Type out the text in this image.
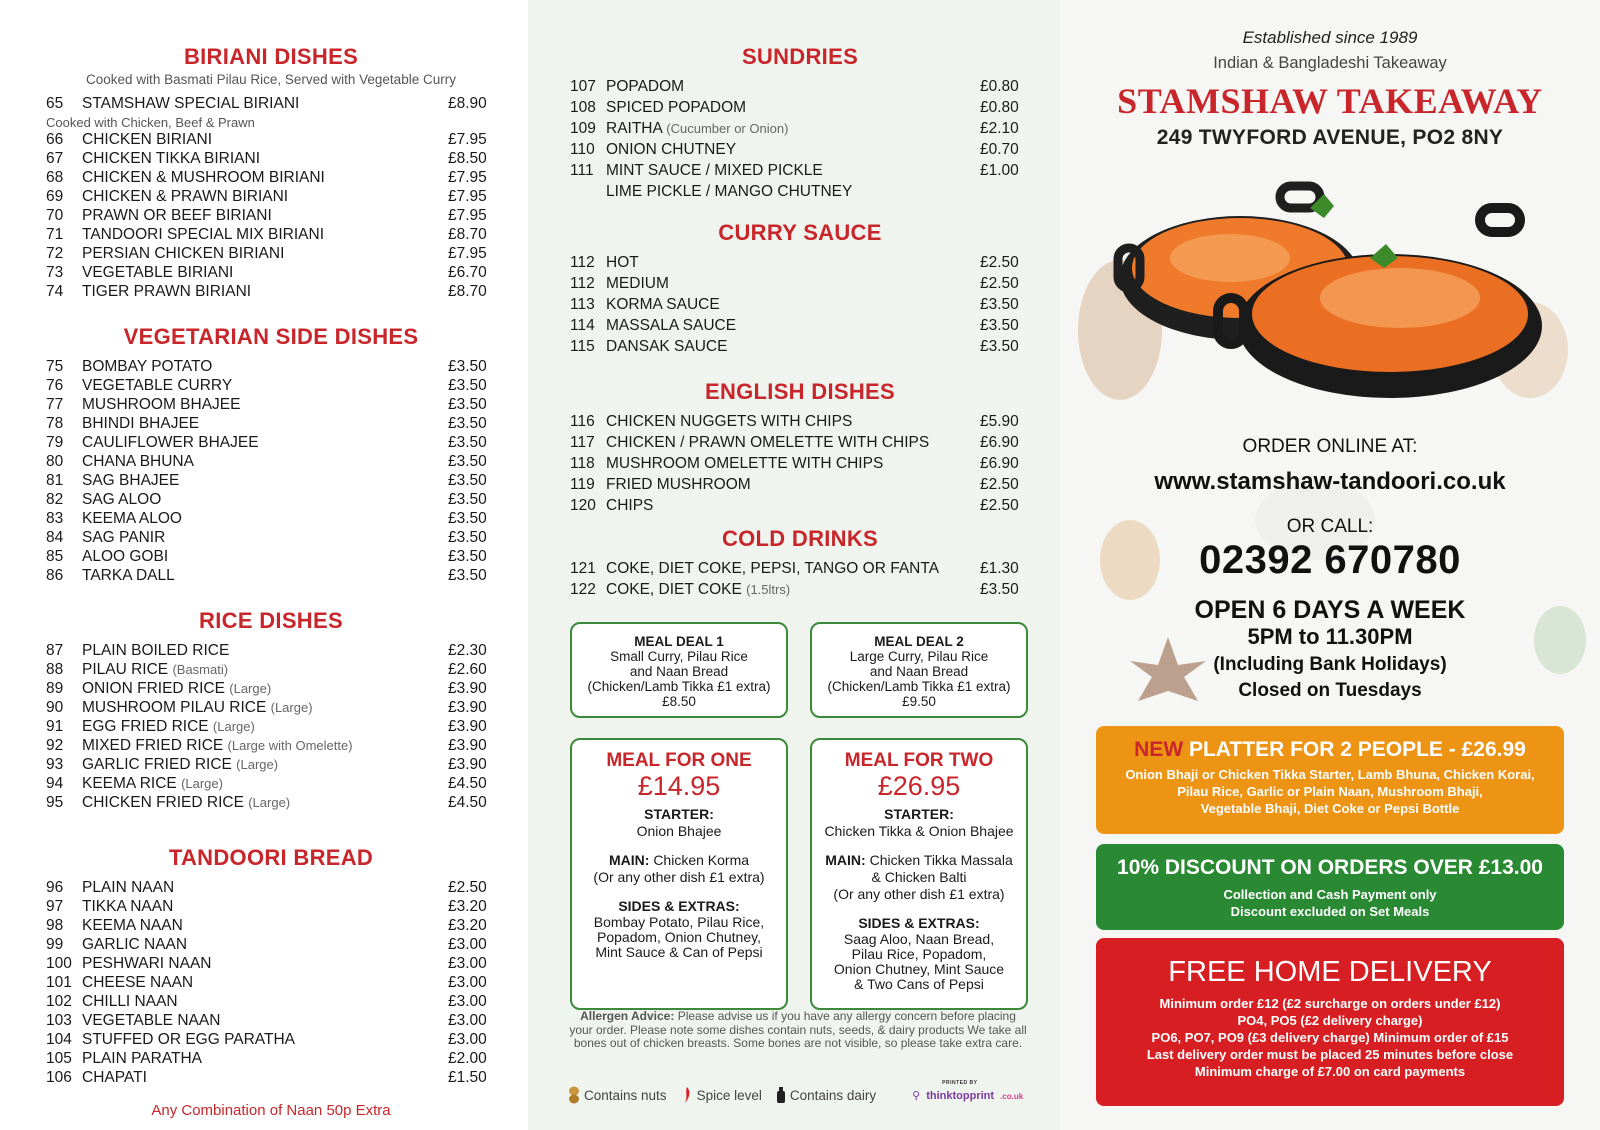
BIRIANI DISHES
Cooked with Basmati Pilau Rice, Served with Vegetable Curry
65	STAMSHAW SPECIAL BIRIANI	£8.90
Cooked with Chicken, Beef & Prawn
66	CHICKEN BIRIANI	£7.95
67	CHICKEN TIKKA BIRIANI	£8.50
68	CHICKEN & MUSHROOM BIRIANI	£7.95
69	CHICKEN & PRAWN BIRIANI	£7.95
70	PRAWN OR BEEF BIRIANI	£7.95
71	TANDOORI SPECIAL MIX BIRIANI	£8.70
72	PERSIAN CHICKEN BIRIANI	£7.95
73	VEGETABLE BIRIANI	£6.70
74	TIGER PRAWN BIRIANI	£8.70
VEGETARIAN SIDE DISHES
75	BOMBAY POTATO	£3.50
76	VEGETABLE CURRY	£3.50
77	MUSHROOM BHAJEE	£3.50
78	BHINDI BHAJEE	£3.50
79	CAULIFLOWER BHAJEE	£3.50
80	CHANA BHUNA	£3.50
81	SAG BHAJEE	£3.50
82	SAG ALOO	£3.50
83	KEEMA ALOO	£3.50
84	SAG PANIR	£3.50
85	ALOO GOBI	£3.50
86	TARKA DALL	£3.50
RICE DISHES
87	PLAIN BOILED RICE	£2.30
88	PILAU RICE (Basmati)	£2.60
89	ONION FRIED RICE (Large)	£3.90
90	MUSHROOM PILAU RICE (Large)	£3.90
91	EGG FRIED RICE (Large)	£3.90
92	MIXED FRIED RICE (Large with Omelette)	£3.90
93	GARLIC FRIED RICE (Large)	£3.90
94	KEEMA RICE (Large)	£4.50
95	CHICKEN FRIED RICE (Large)	£4.50
TANDOORI BREAD
96	PLAIN NAAN	£2.50
97	TIKKA NAAN	£3.20
98	KEEMA NAAN	£3.20
99	GARLIC NAAN	£3.00
100 PESHWARI NAAN	£3.00
101 CHEESE NAAN	£3.00
102 CHILLI NAAN	£3.00
103 VEGETABLE NAAN	£3.00
104 STUFFED OR EGG PARATHA	£3.00
105 PLAIN PARATHA	£2.00
106 CHAPATI	£1.50
Any Combination of Naan 50p Extra
SUNDRIES
107 POPADOM	£0.80
108 SPICED POPADOM	£0.80
109 RAITHA (Cucumber or Onion)	£2.10
110 ONION CHUTNEY	£0.70
111 MINT SAUCE / MIXED PICKLE	£1.00
LIME PICKLE / MANGO CHUTNEY
CURRY SAUCE
112 HOT	£2.50
112 MEDIUM	£2.50
113 KORMA SAUCE	£3.50
114 MASSALA SAUCE	£3.50
115 DANSAK SAUCE	£3.50
ENGLISH DISHES
116 CHICKEN NUGGETS WITH CHIPS	£5.90
117 CHICKEN / PRAWN OMELETTE WITH CHIPS	£6.90
118 MUSHROOM OMELETTE WITH CHIPS	£6.90
119 FRIED MUSHROOM	£2.50
120 CHIPS	£2.50
COLD DRINKS
121 COKE, DIET COKE, PEPSI, TANGO OR FANTA	£1.30
122 COKE, DIET COKE (1.5ltrs)	£3.50
MEAL DEAL 1
Small Curry, Pilau Rice
and Naan Bread
(Chicken/Lamb Tikka £1 extra)
£8.50
MEAL DEAL 2
Large Curry, Pilau Rice
and Naan Bread
(Chicken/Lamb Tikka £1 extra)
£9.50
MEAL FOR ONE
£14.95
STARTER:
Onion Bhajee
MAIN: Chicken Korma
(Or any other dish £1 extra)
SIDES & EXTRAS:
Bombay Potato, Pilau Rice,
Popadom, Onion Chutney,
Mint Sauce & Can of Pepsi
MEAL FOR TWO
£26.95
STARTER:
Chicken Tikka & Onion Bhajee
MAIN: Chicken Tikka Massala
& Chicken Balti
(Or any other dish £1 extra)
SIDES & EXTRAS:
Saag Aloo, Naan Bread,
Pilau Rice, Popadom,
Onion Chutney, Mint Sauce
& Two Cans of Pepsi
Allergen Advice: Please advise us if you have any allergy concern before placing your order. Please note some dishes contain nuts, seeds, & dairy products We take all bones out of chicken breasts. Some bones are not visible, so please take extra care.
Contains nuts Spice level Contains dairy
PRINTED BY
⚲ thinktopprint .co.uk
Established since 1989
Indian & Bangladeshi Takeaway
STAMSHAW TAKEAWAY
249 TWYFORD AVENUE, PO2 8NY
ORDER ONLINE AT:
www.stamshaw-tandoori.co.uk
OR CALL:
02392 670780
OPEN 6 DAYS A WEEK
5PM to 11.30PM
(Including Bank Holidays)
Closed on Tuesdays
NEW PLATTER FOR 2 PEOPLE - £26.99
Onion Bhaji or Chicken Tikka Starter, Lamb Bhuna, Chicken Korai,
Pilau Rice, Garlic or Plain Naan, Mushroom Bhaji,
Vegetable Bhaji, Diet Coke or Pepsi Bottle
10% DISCOUNT ON ORDERS OVER £13.00
Collection and Cash Payment only
Discount excluded on Set Meals
FREE HOME DELIVERY
Minimum order £12 (£2 surcharge on orders under £12)
PO4, PO5 (£2 delivery charge)
PO6, PO7, PO9 (£3 delivery charge) Minimum order of £15
Last delivery order must be placed 25 minutes before close
Minimum charge of £7.00 on card payments
